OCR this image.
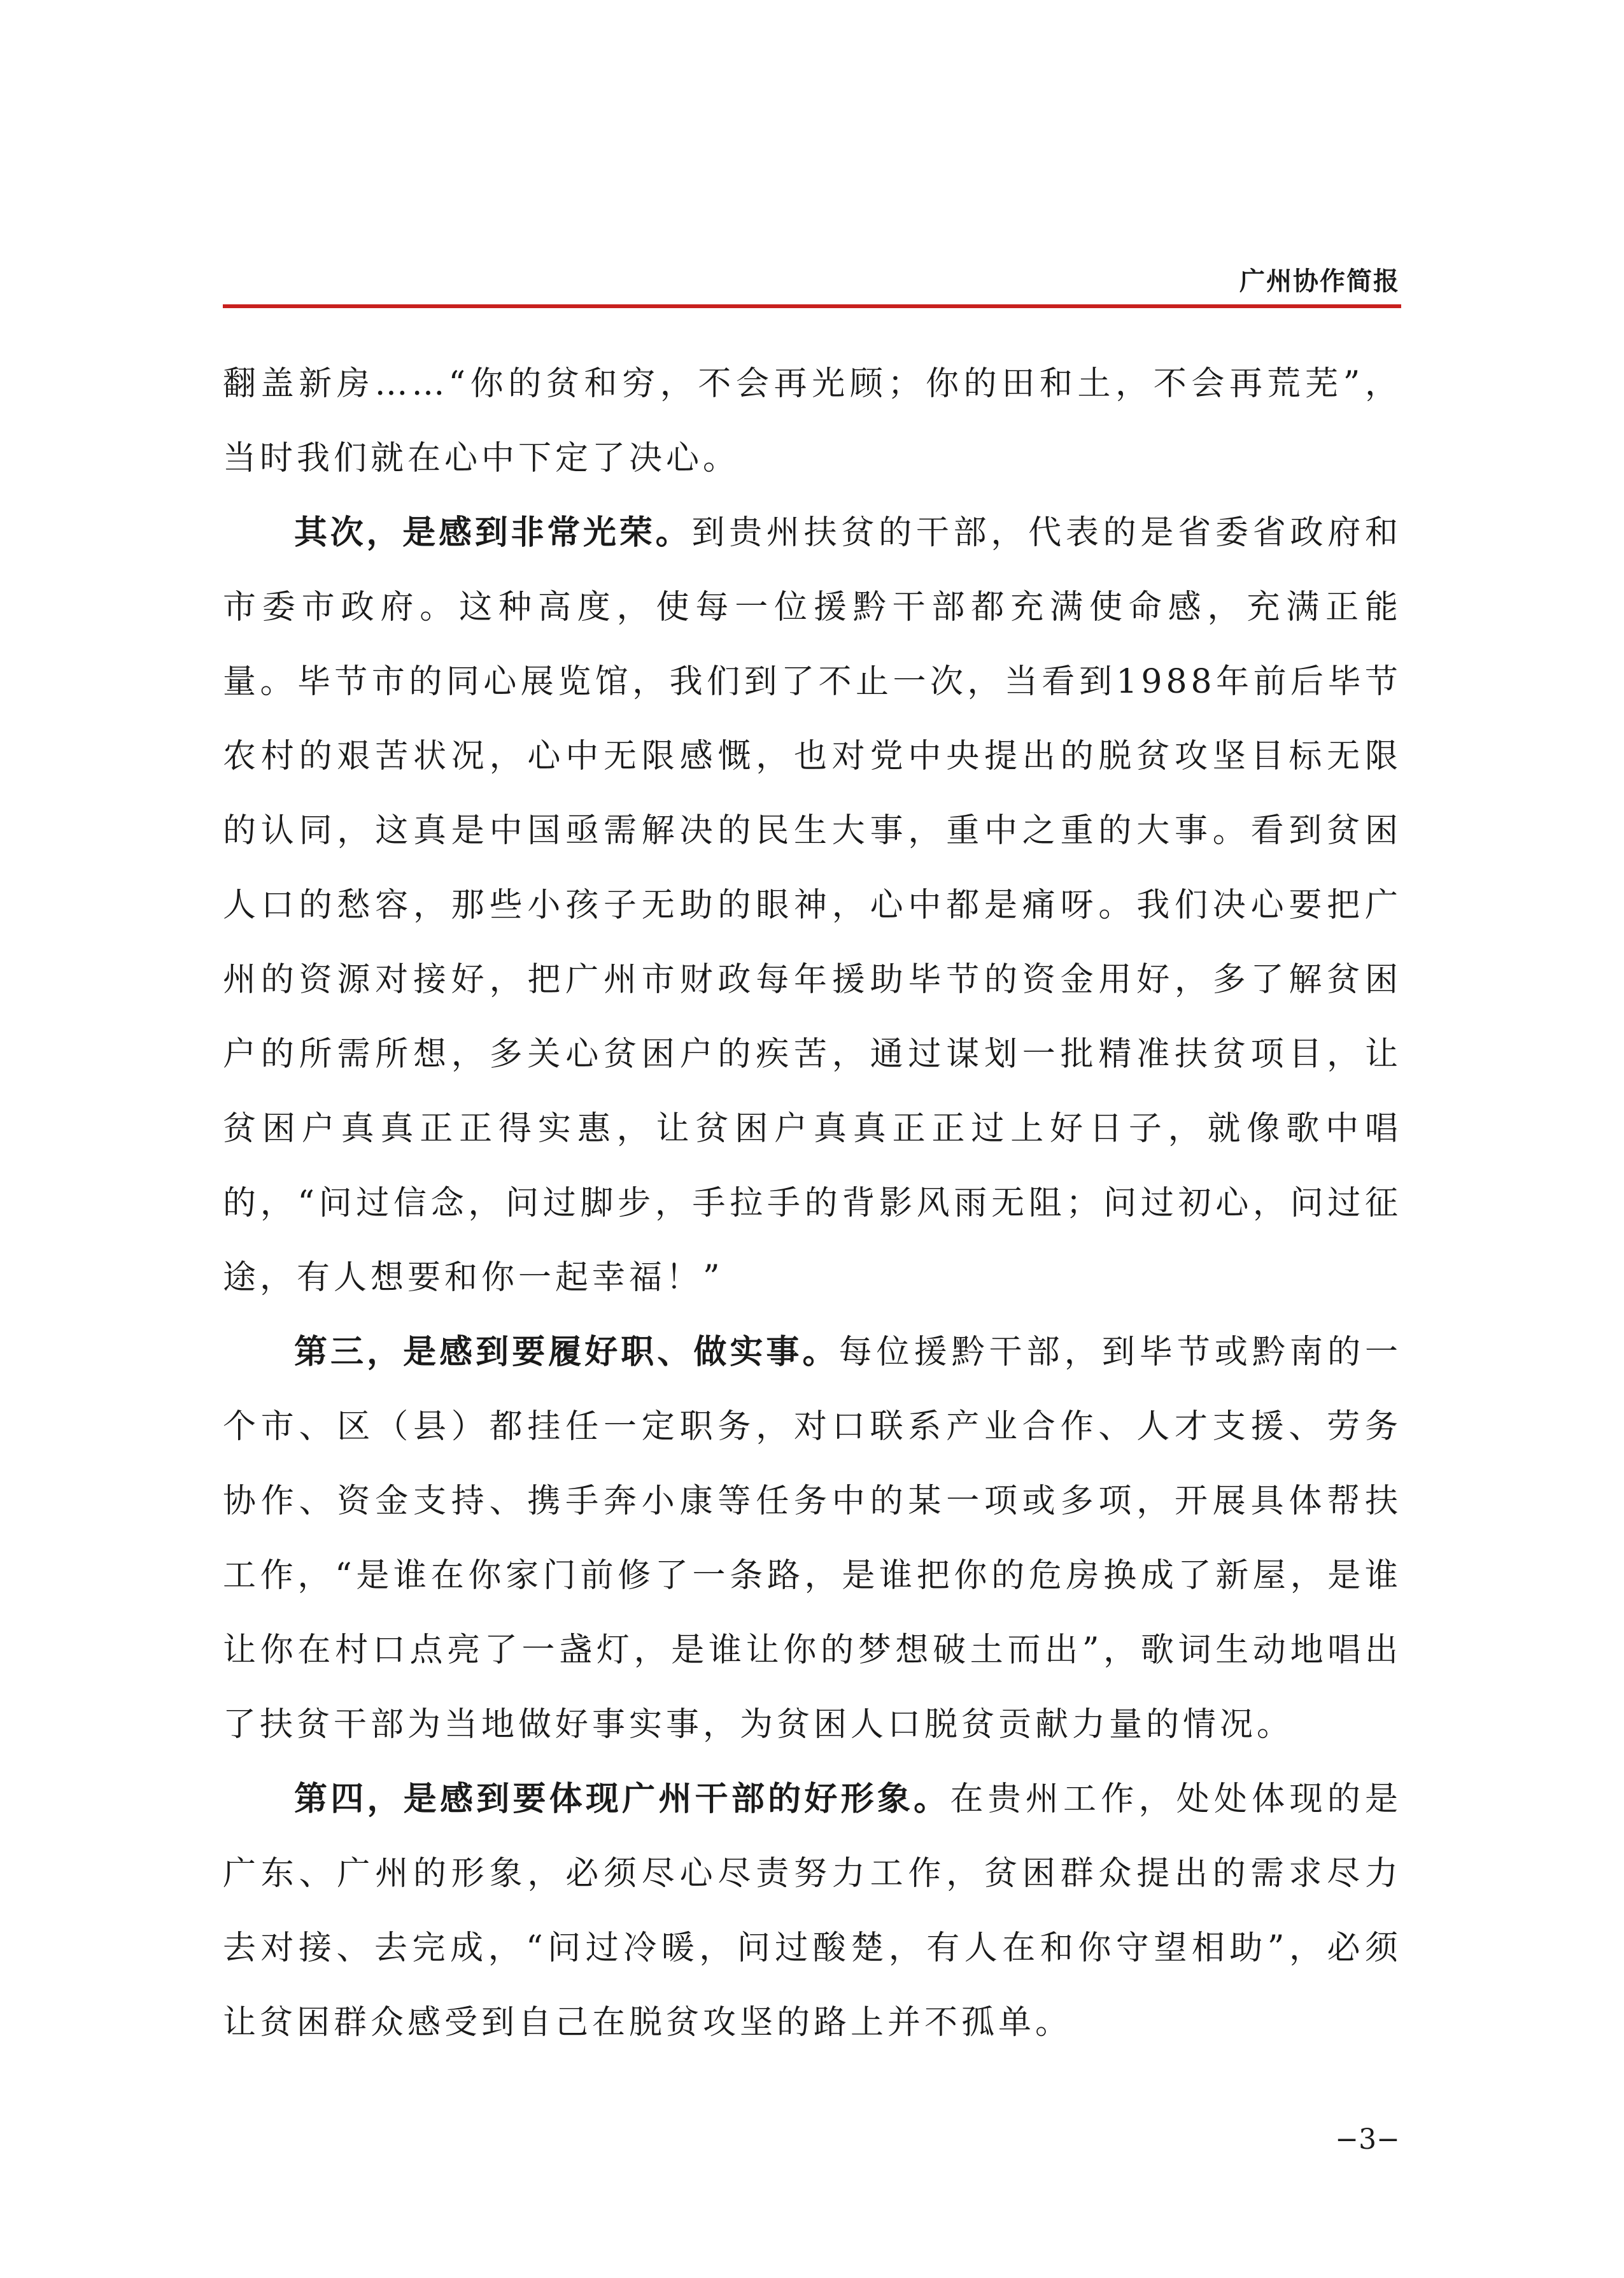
广州协作简报

翻盖新房……“你的贫和穷，不会再光顾；你的田和土，不会再荒芜”，当时我们就在心中下定了决心。

其次，是感到非常光荣。到贵州扶贫的干部，代表的是省委省政府和市委市政府。这种高度，使每一位援黔干部都充满使命感，充满正能量。毕节市的同心展览馆，我们到了不止一次，当看到1988年前后毕节农村的艰苦状况，心中无限感慨，也对党中央提出的脱贫攻坚目标无限的认同，这真是中国亟需解决的民生大事，重中之重的大事。看到贫困人口的愁容，那些小孩子无助的眼神，心中都是痛呀。我们决心要把广州的资源对接好，把广州市财政每年援助毕节的资金用好，多了解贫困户的所需所想，多关心贫困户的疾苦，通过谋划一批精准扶贫项目，让贫困户真真正正得实惠，让贫困户真真正正过上好日子，就像歌中唱的，“问过信念，问过脚步，手拉手的背影风雨无阻；问过初心，问过征途，有人想要和你一起幸福！”

第三，是感到要履好职、做实事。每位援黔干部，到毕节或黔南的一个市、区（县）都挂任一定职务，对口联系产业合作、人才支援、劳务协作、资金支持、携手奔小康等任务中的某一项或多项，开展具体帮扶工作，“是谁在你家门前修了一条路，是谁把你的危房换成了新屋，是谁让你在村口点亮了一盏灯，是谁让你的梦想破土而出”，歌词生动地唱出了扶贫干部为当地做好事实事，为贫困人口脱贫贡献力量的情况。

第四，是感到要体现广州干部的好形象。在贵州工作，处处体现的是广东、广州的形象，必须尽心尽责努力工作，贫困群众提出的需求尽力去对接、去完成，“问过冷暖，问过酸楚，有人在和你守望相助”，必须让贫困群众感受到自己在脱贫攻坚的路上并不孤单。

−3−
